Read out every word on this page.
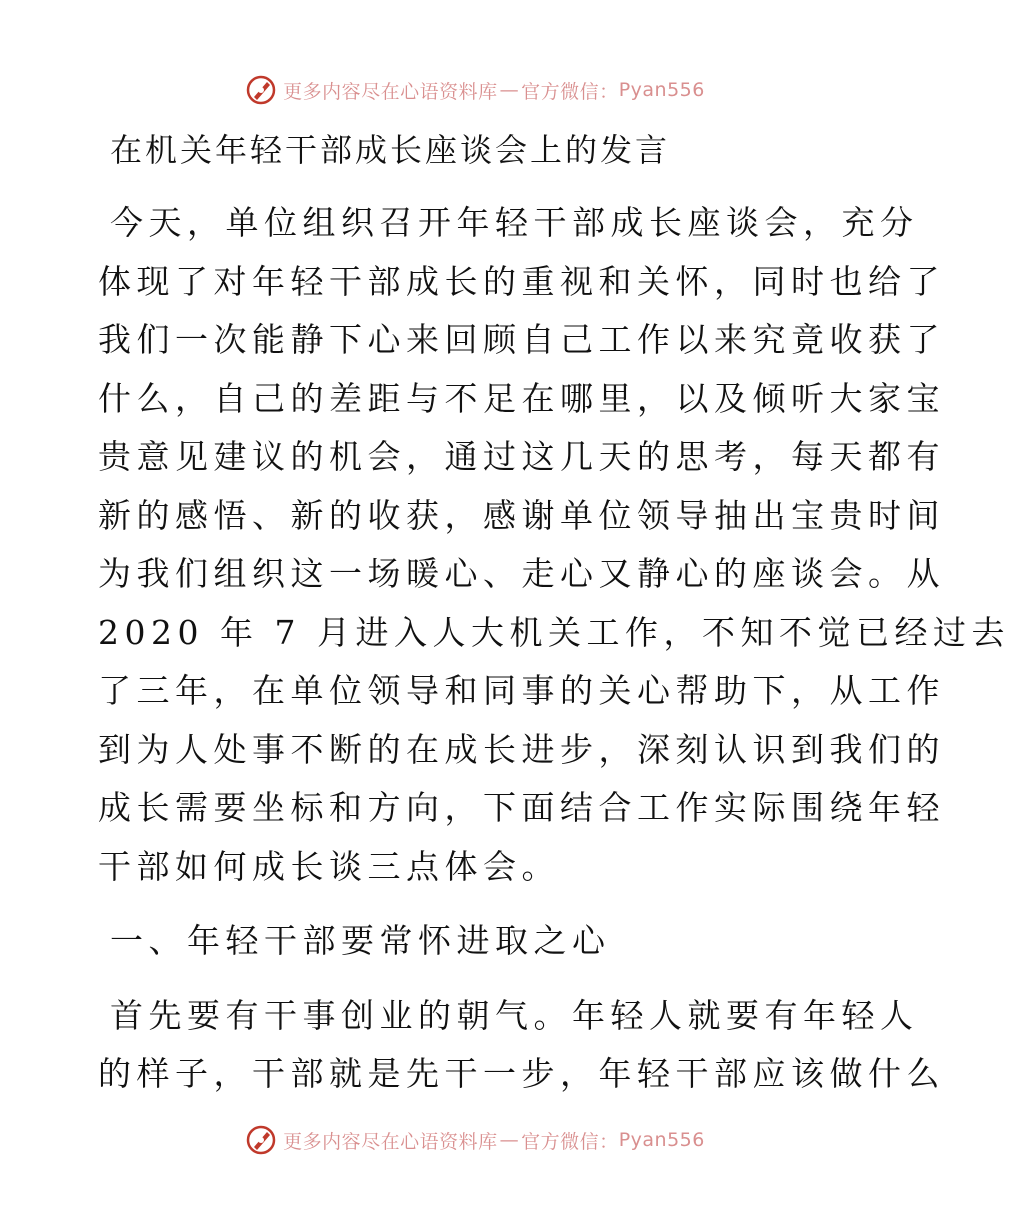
更多内容尽在心语资料库 — 官方微信： Pyan556
在机关年轻干部成长座谈会上的发言
今天，单位组织召开年轻干部成长座谈会，充分
体现了对年轻干部成长的重视和关怀，同时也给了
我们一次能静下心来回顾自己工作以来究竟收获了
什么，自己的差距与不足在哪里，以及倾听大家宝
贵意见建议的机会，通过这几天的思考，每天都有
新的感悟、新的收获，感谢单位领导抽出宝贵时间
为我们组织这一场暖心、走心又静心的座谈会。从
2020 年 7 月进入人大机关工作，不知不觉已经过去
了三年，在单位领导和同事的关心帮助下，从工作
到为人处事不断的在成长进步，深刻认识到我们的
成长需要坐标和方向，下面结合工作实际围绕年轻
干部如何成长谈三点体会。
一、年轻干部要常怀进取之心
首先要有干事创业的朝气。年轻人就要有年轻人
的样子，干部就是先干一步，年轻干部应该做什么
更多内容尽在心语资料库 — 官方微信： Pyan556
